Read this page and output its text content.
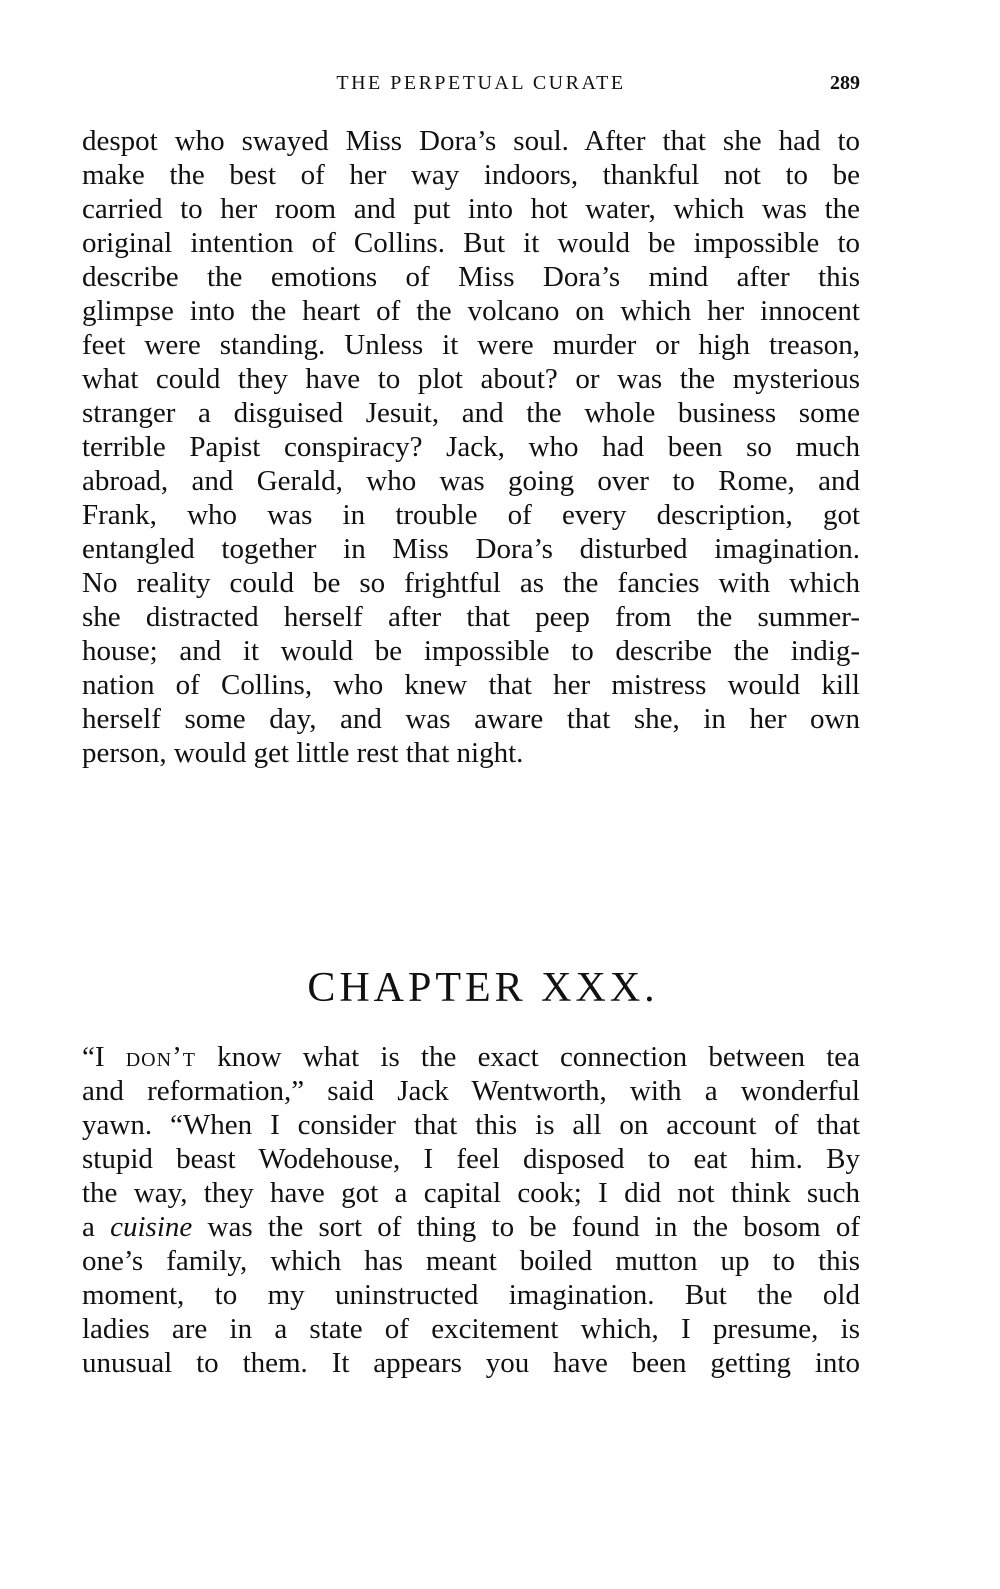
THE PERPETUAL CURATE	289
despot who swayed Miss Dora’s soul. After that she had to
make the best of her way indoors, thankful not to be
carried to her room and put into hot water, which was the
original intention of Collins. But it would be impossible to
describe the emotions of Miss Dora’s mind after this
glimpse into the heart of the volcano on which her innocent
feet were standing. Unless it were murder or high treason,
what could they have to plot about? or was the mysterious
stranger a disguised Jesuit, and the whole business some
terrible Papist conspiracy? Jack, who had been so much
abroad, and Gerald, who was going over to Rome, and
Frank, who was in trouble of every description, got
entangled together in Miss Dora’s disturbed imagination.
No reality could be so frightful as the fancies with which
she distracted herself after that peep from the summer-
house; and it would be impossible to describe the indig-
nation of Collins, who knew that her mistress would kill
herself some day, and was aware that she, in her own
person, would get little rest that night.
CHAPTER XXX.
“I don’t know what is the exact connection between tea
and reformation,” said Jack Wentworth, with a wonderful
yawn. “When I consider that this is all on account of that
stupid beast Wodehouse, I feel disposed to eat him. By
the way, they have got a capital cook; I did not think such
a cuisine was the sort of thing to be found in the bosom of
one’s family, which has meant boiled mutton up to this
moment, to my uninstructed imagination. But the old
ladies are in a state of excitement which, I presume, is
unusual to them. It appears you have been getting into
